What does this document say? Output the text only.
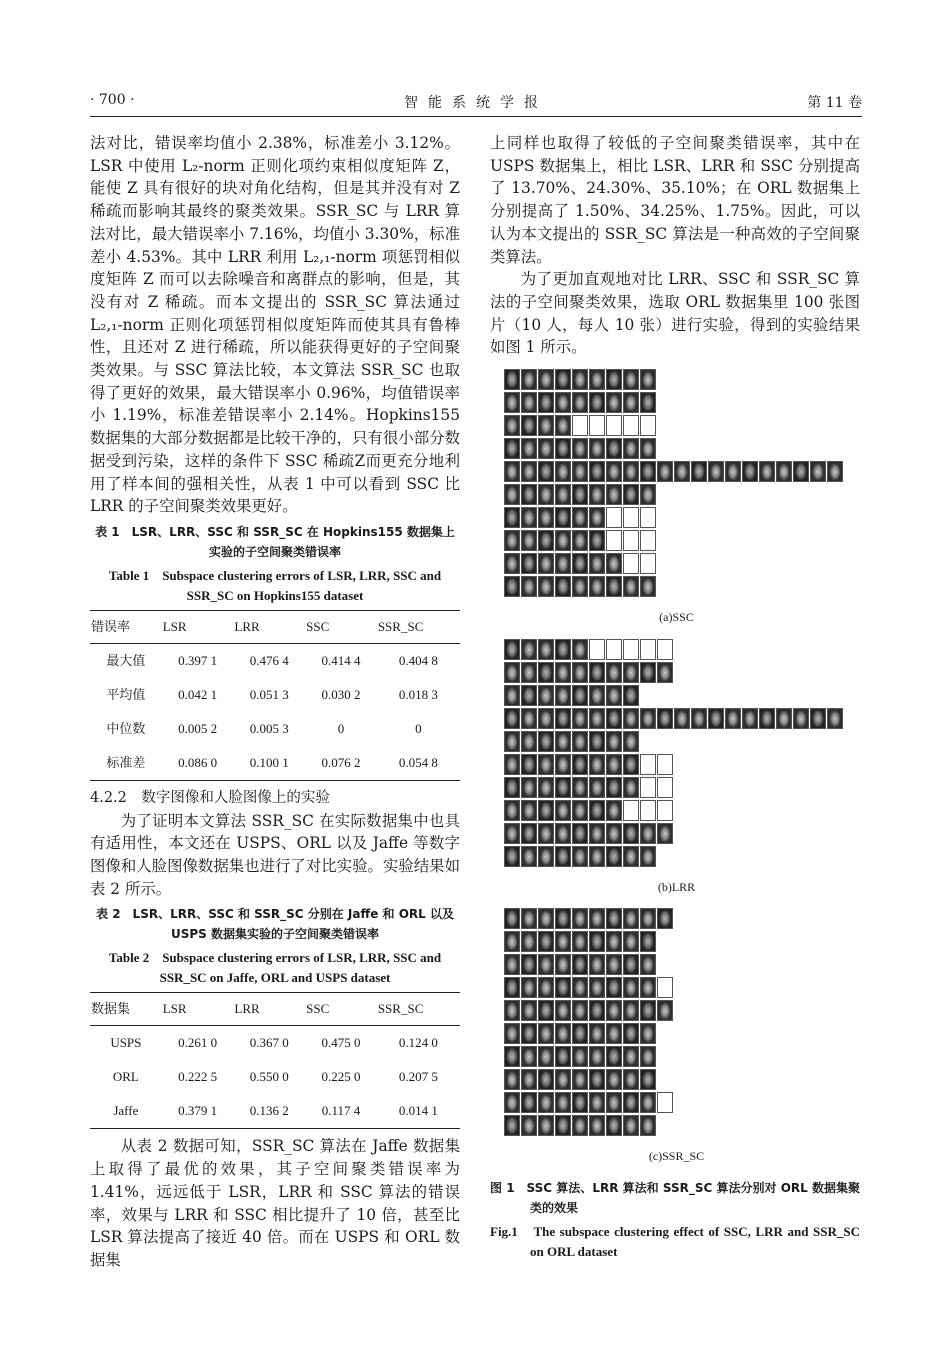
· 700 ·	智能系统学报	第 11 卷

法对比，错误率均值小 2.38%，标准差小 3.12%。LSR 中使用 L₂-norm 正则化项约束相似度矩阵 Z，能使 Z 具有很好的块对角化结构，但是其并没有对 Z 稀疏而影响其最终的聚类效果。SSR_SC 与 LRR 算法对比，最大错误率小 7.16%，均值小 3.30%，标准差小 4.53%。其中 LRR 利用 L₂,₁-norm 项惩罚相似度矩阵 Z 而可以去除噪音和离群点的影响，但是，其没有对 Z 稀疏。而本文提出的 SSR_SC 算法通过 L₂,₁-norm 正则化项惩罚相似度矩阵而使其具有鲁棒性，且还对 Z 进行稀疏，所以能获得更好的子空间聚类效果。与 SSC 算法比较，本文算法 SSR_SC 也取得了更好的效果，最大错误率小 0.96%，均值错误率小 1.19%，标准差错误率小 2.14%。Hopkins155 数据集的大部分数据都是比较干净的，只有很小部分数据受到污染，这样的条件下 SSC 稀疏Z而更充分地利用了样本间的强相关性，从表 1 中可以看到 SSC 比 LRR 的子空间聚类效果更好。

表 1　LSR、LRR、SSC 和 SSR_SC 在 Hopkins155 数据集上实验的子空间聚类错误率
Table 1　Subspace clustering errors of LSR, LRR, SSC and SSR_SC on Hopkins155 dataset
错误率	LSR	LRR	SSC	SSR_SC
最大值	0.397 1	0.476 4	0.414 4	0.404 8
平均值	0.042 1	0.051 3	0.030 2	0.018 3
中位数	0.005 2	0.005 3	0	0
标准差	0.086 0	0.100 1	0.076 2	0.054 8
4.2.2　数字图像和人脸图像上的实验

为了证明本文算法 SSR_SC 在实际数据集中也具有适用性，本文还在 USPS、ORL 以及 Jaffe 等数字图像和人脸图像数据集也进行了对比实验。实验结果如表 2 所示。

表 2　LSR、LRR、SSC 和 SSR_SC 分别在 Jaffe 和 ORL 以及 USPS 数据集实验的子空间聚类错误率
Table 2　Subspace clustering errors of LSR, LRR, SSC and SSR_SC on Jaffe, ORL and USPS dataset
数据集	LSR	LRR	SSC	SSR_SC
USPS	0.261 0	0.367 0	0.475 0	0.124 0
ORL	0.222 5	0.550 0	0.225 0	0.207 5
Jaffe	0.379 1	0.136 2	0.117 4	0.014 1

从表 2 数据可知，SSR_SC 算法在 Jaffe 数据集上取得了最优的效果，其子空间聚类错误率为 1.41%，远远低于 LSR，LRR 和 SSC 算法的错误率，效果与 LRR 和 SSC 相比提升了 10 倍，甚至比 LSR 算法提高了接近 40 倍。而在 USPS 和 ORL 数据集

上同样也取得了较低的子空间聚类错误率，其中在 USPS 数据集上，相比 LSR、LRR 和 SSC 分别提高了 13.70%、24.30%、35.10%；在 ORL 数据集上分别提高了 1.50%、34.25%、1.75%。因此，可以认为本文提出的 SSR_SC 算法是一种高效的子空间聚类算法。

为了更加直观地对比 LRR、SSC 和 SSR_SC 算法的子空间聚类效果，选取 ORL 数据集里 100 张图片（10 人，每人 10 张）进行实验，得到的实验结果如图 1 所示。

(a)SSC
(b)LRR
(c)SSR_SC
图 1　SSC 算法、LRR 算法和 SSR_SC 算法分别对 ORL 数据集聚类的效果
Fig.1　The subspace clustering effect of SSC, LRR and SSR_SC on ORL dataset
